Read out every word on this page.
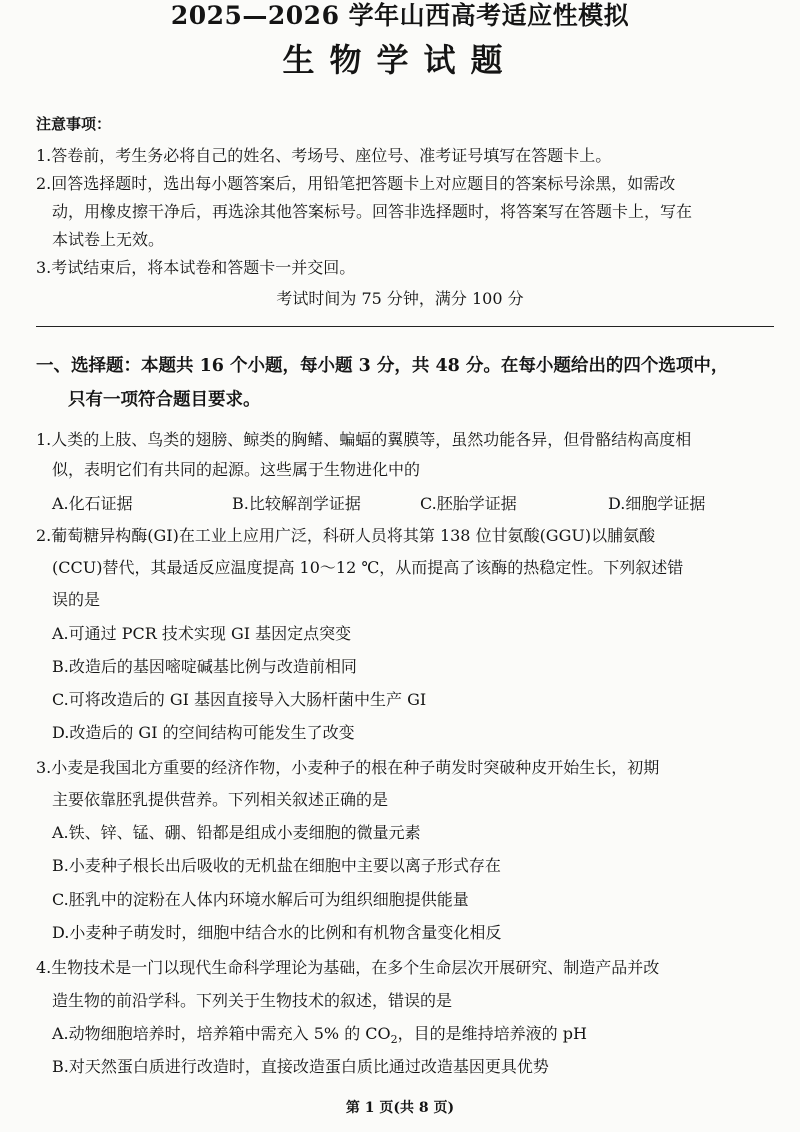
2025—2026 学年山西高考适应性模拟
生物学试题
注意事项：

1.答卷前，考生务必将自己的姓名、考场号、座位号、准考证号填写在答题卡上。

2.回答选择题时，选出每小题答案后，用铅笔把答题卡上对应题目的答案标号涂黑，如需改

动，用橡皮擦干净后，再选涂其他答案标号。回答非选择题时，将答案写在答题卡上，写在

本试卷上无效。

3.考试结束后，将本试卷和答题卡一并交回。

考试时间为 75 分钟，满分 100 分
一、选择题：本题共 16 个小题，每小题 3 分，共 48 分。在每小题给出的四个选项中，
只有一项符合题目要求。

1.人类的上肢、鸟类的翅膀、鲸类的胸鳍、蝙蝠的翼膜等，虽然功能各异，但骨骼结构高度相

似，表明它们有共同的起源。这些属于生物进化中的

A.化石证据	B.比较解剖学证据	C.胚胎学证据	D.细胞学证据

2.葡萄糖异构酶(GI)在工业上应用广泛，科研人员将其第 138 位甘氨酸(GGU)以脯氨酸

(CCU)替代，其最适反应温度提高 10～12 ℃，从而提高了该酶的热稳定性。下列叙述错

误的是

A.可通过 PCR 技术实现 GI 基因定点突变

B.改造后的基因嘧啶碱基比例与改造前相同

C.可将改造后的 GI 基因直接导入大肠杆菌中生产 GI

D.改造后的 GI 的空间结构可能发生了改变

3.小麦是我国北方重要的经济作物，小麦种子的根在种子萌发时突破种皮开始生长，初期

主要依靠胚乳提供营养。下列相关叙述正确的是

A.铁、锌、锰、硼、铅都是组成小麦细胞的微量元素

B.小麦种子根长出后吸收的无机盐在细胞中主要以离子形式存在

C.胚乳中的淀粉在人体内环境水解后可为组织细胞提供能量

D.小麦种子萌发时，细胞中结合水的比例和有机物含量变化相反

4.生物技术是一门以现代生命科学理论为基础，在多个生命层次开展研究、制造产品并改

造生物的前沿学科。下列关于生物技术的叙述，错误的是

A.动物细胞培养时，培养箱中需充入 5% 的 $CO_2$，目的是维持培养液的 pH

B.对天然蛋白质进行改造时，直接改造蛋白质比通过改造基因更具优势

第 1 页(共 8 页)
